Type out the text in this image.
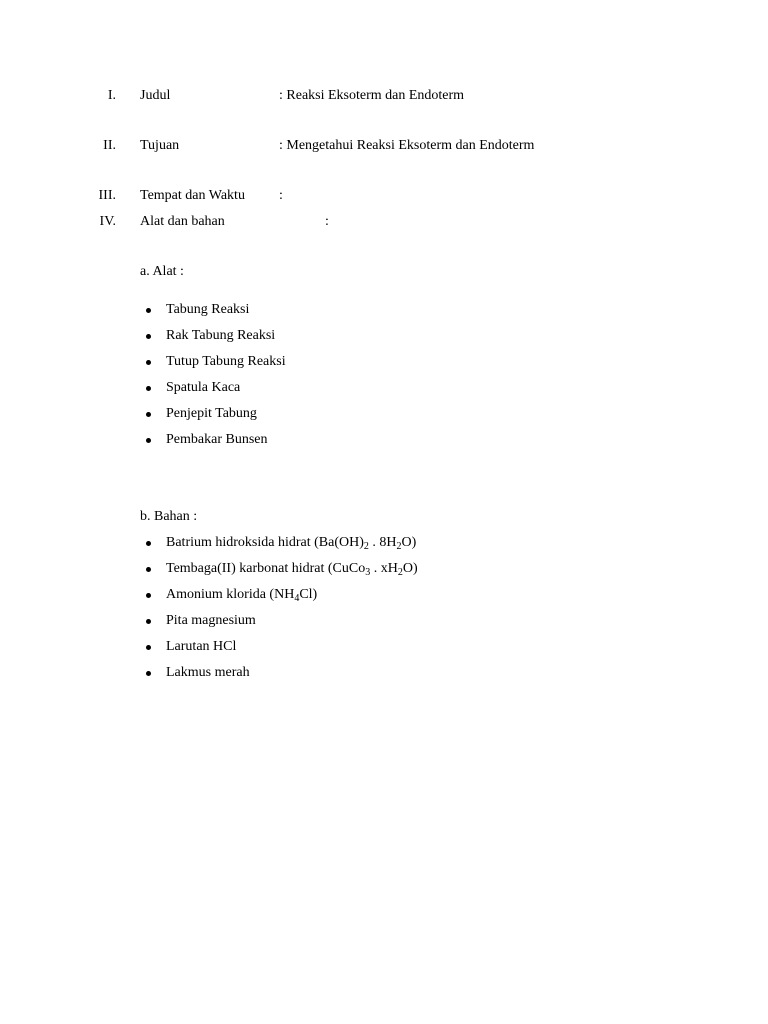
I. Judul	: Reaksi Eksoterm dan Endoterm
II. Tujuan	: Mengetahui Reaksi Eksoterm dan Endoterm
III. Tempat dan Waktu :
IV. Alat dan bahan	:
a. Alat :
Tabung Reaksi
Rak Tabung Reaksi
Tutup Tabung Reaksi
Spatula Kaca
Penjepit Tabung
Pembakar Bunsen
b. Bahan :
Batrium hidroksida hidrat ($Ba(OH)_2$ . $8H_2O$)
Tembaga(II) karbonat hidrat (CuCo$_3$ . $xH_2O$)
Amonium klorida $(NH_4Cl)$
Pita magnesium
Larutan HCl
Lakmus merah
